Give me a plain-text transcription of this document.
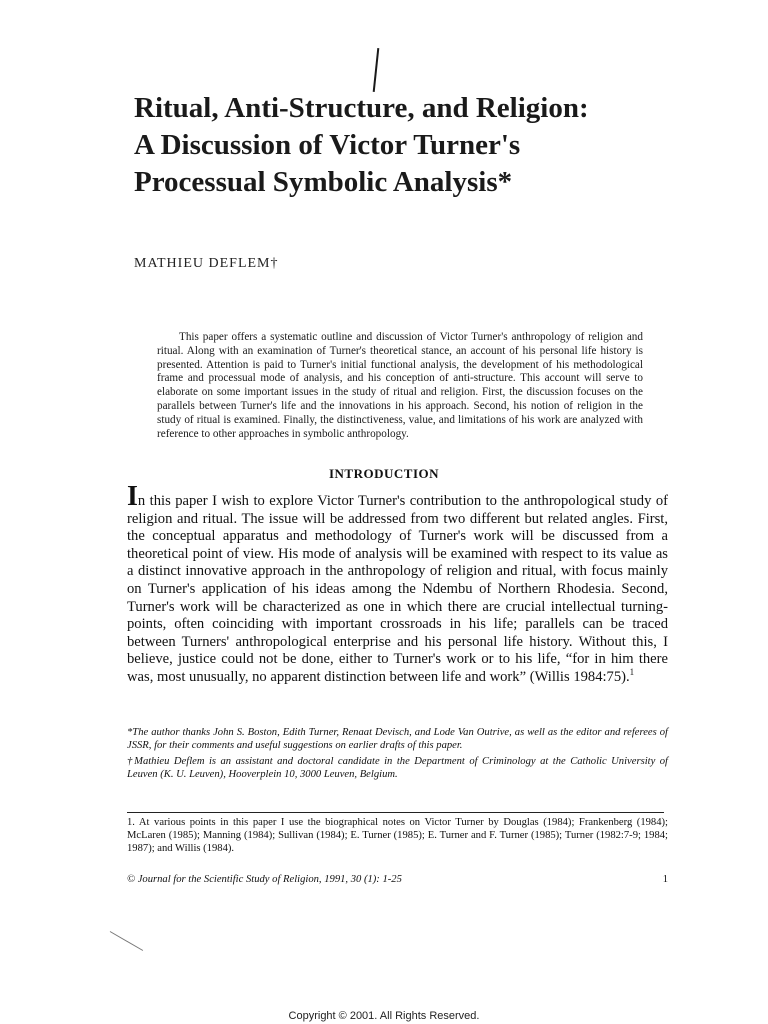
Ritual, Anti-Structure, and Religion: A Discussion of Victor Turner's Processual Symbolic Analysis*

MATHIEU DEFLEM†

This paper offers a systematic outline and discussion of Victor Turner's anthropology of religion and ritual. Along with an examination of Turner's theoretical stance, an account of his personal life history is presented. Attention is paid to Turner's initial functional analysis, the development of his methodological frame and processual mode of analysis, and his conception of anti-structure. This account will serve to elaborate on some important issues in the study of ritual and religion. First, the discussion focuses on the parallels between Turner's life and the innovations in his approach. Second, his notion of religion in the study of ritual is examined. Finally, the distinctiveness, value, and limitations of his work are analyzed with reference to other approaches in symbolic anthropology.

INTRODUCTION

In this paper I wish to explore Victor Turner's contribution to the anthropological study of religion and ritual. The issue will be addressed from two different but related angles. First, the conceptual apparatus and methodology of Turner's work will be discussed from a theoretical point of view. His mode of analysis will be examined with respect to its value as a distinct innovative approach in the anthropology of religion and ritual, with focus mainly on Turner's application of his ideas among the Ndembu of Northern Rhodesia. Second, Turner's work will be characterized as one in which there are crucial intellectual turning-points, often coinciding with important crossroads in his life; parallels can be traced between Turners' anthropological enterprise and his personal life history. Without this, I believe, justice could not be done, either to Turner's work or to his life, “for in him there was, most unusually, no apparent distinction between life and work” (Willis 1984:75).$^1$

*The author thanks John S. Boston, Edith Turner, Renaat Devisch, and Lode Van Outrive, as well as the editor and referees of JSSR, for their comments and useful suggestions on earlier drafts of this paper.

†Mathieu Deflem is an assistant and doctoral candidate in the Department of Criminology at the Catholic University of Leuven (K. U. Leuven), Hooverplein 10, 3000 Leuven, Belgium.

1. At various points in this paper I use the biographical notes on Victor Turner by Douglas (1984); Frankenberg (1984); McLaren (1985); Manning (1984); Sullivan (1984); E. Turner (1985); E. Turner and F. Turner (1985); Turner (1982:7-9; 1984; 1987); and Willis (1984).

© Journal for the Scientific Study of Religion, 1991, 30 (1): 1-25	1
Copyright © 2001. All Rights Reserved.
